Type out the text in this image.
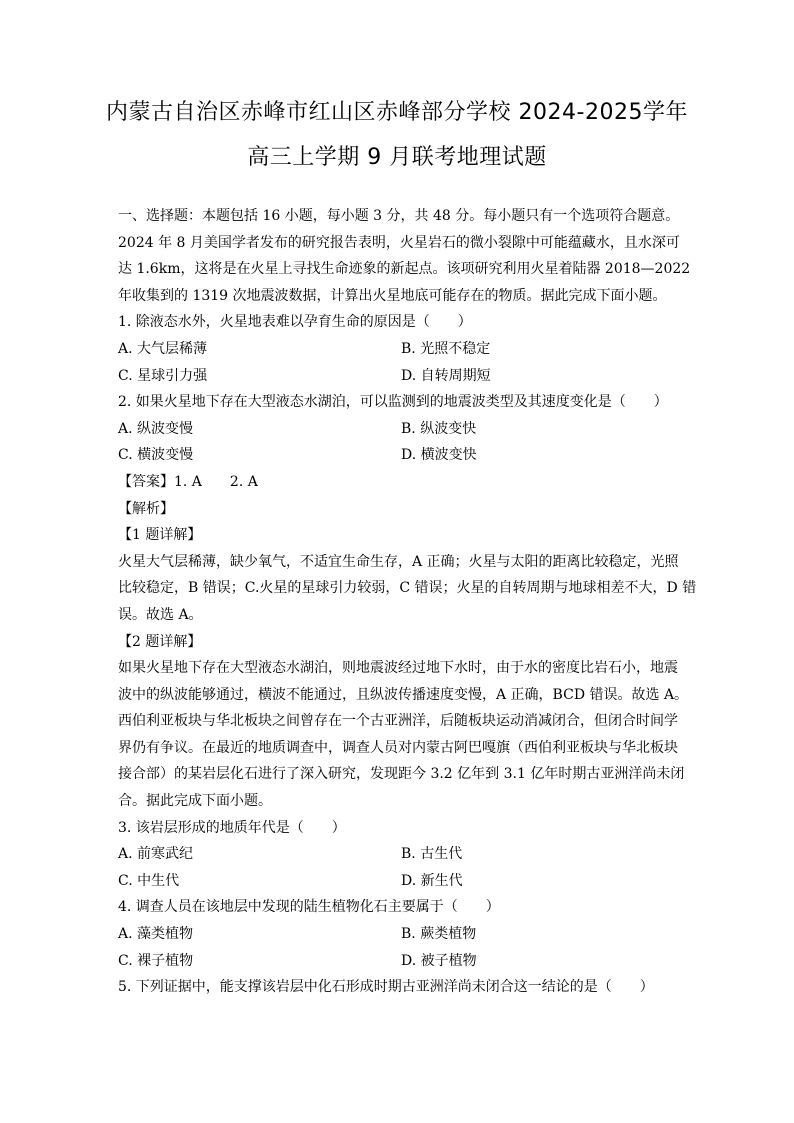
内蒙古自治区赤峰市红山区赤峰部分学校 2024-2025学年
高三上学期 9 月联考地理试题
一、选择题：本题包括 16 小题，每小题 3 分，共 48 分。每小题只有一个选项符合题意。
2024 年 8 月美国学者发布的研究报告表明，火星岩石的微小裂隙中可能蕴藏水，且水深可
达 1.6km，这将是在火星上寻找生命迹象的新起点。该项研究利用火星着陆器 2018—2022
年收集到的 1319 次地震波数据，计算出火星地底可能存在的物质。据此完成下面小题。
1. 除液态水外，火星地表难以孕育生命的原因是（　　）
A. 大气层稀薄	B. 光照不稳定
C. 星球引力强	D. 自转周期短
2. 如果火星地下存在大型液态水湖泊，可以监测到的地震波类型及其速度变化是（　　）
A. 纵波变慢	B. 纵波变快
C. 横波变慢	D. 横波变快
【答案】1. A　　2. A
【解析】
【1 题详解】
火星大气层稀薄，缺少氧气，不适宜生命生存，A 正确；火星与太阳的距离比较稳定，光照
比较稳定，B 错误；C.火星的星球引力较弱，C 错误；火星的自转周期与地球相差不大，D 错
误。故选 A。
【2 题详解】
如果火星地下存在大型液态水湖泊，则地震波经过地下水时，由于水的密度比岩石小，地震
波中的纵波能够通过，横波不能通过，且纵波传播速度变慢，A 正确，BCD 错误。故选 A。
西伯利亚板块与华北板块之间曾存在一个古亚洲洋，后随板块运动消减闭合，但闭合时间学
界仍有争议。在最近的地质调查中，调查人员对内蒙古阿巴嘎旗（西伯利亚板块与华北板块
接合部）的某岩层化石进行了深入研究，发现距今 3.2 亿年到 3.1 亿年时期古亚洲洋尚未闭
合。据此完成下面小题。
3. 该岩层形成的地质年代是（　　）
A. 前寒武纪	B. 古生代
C. 中生代	D. 新生代
4. 调查人员在该地层中发现的陆生植物化石主要属于（　　）
A. 藻类植物	B. 蕨类植物
C. 裸子植物	D. 被子植物
5. 下列证据中，能支撑该岩层中化石形成时期古亚洲洋尚未闭合这一结论的是（　　）
